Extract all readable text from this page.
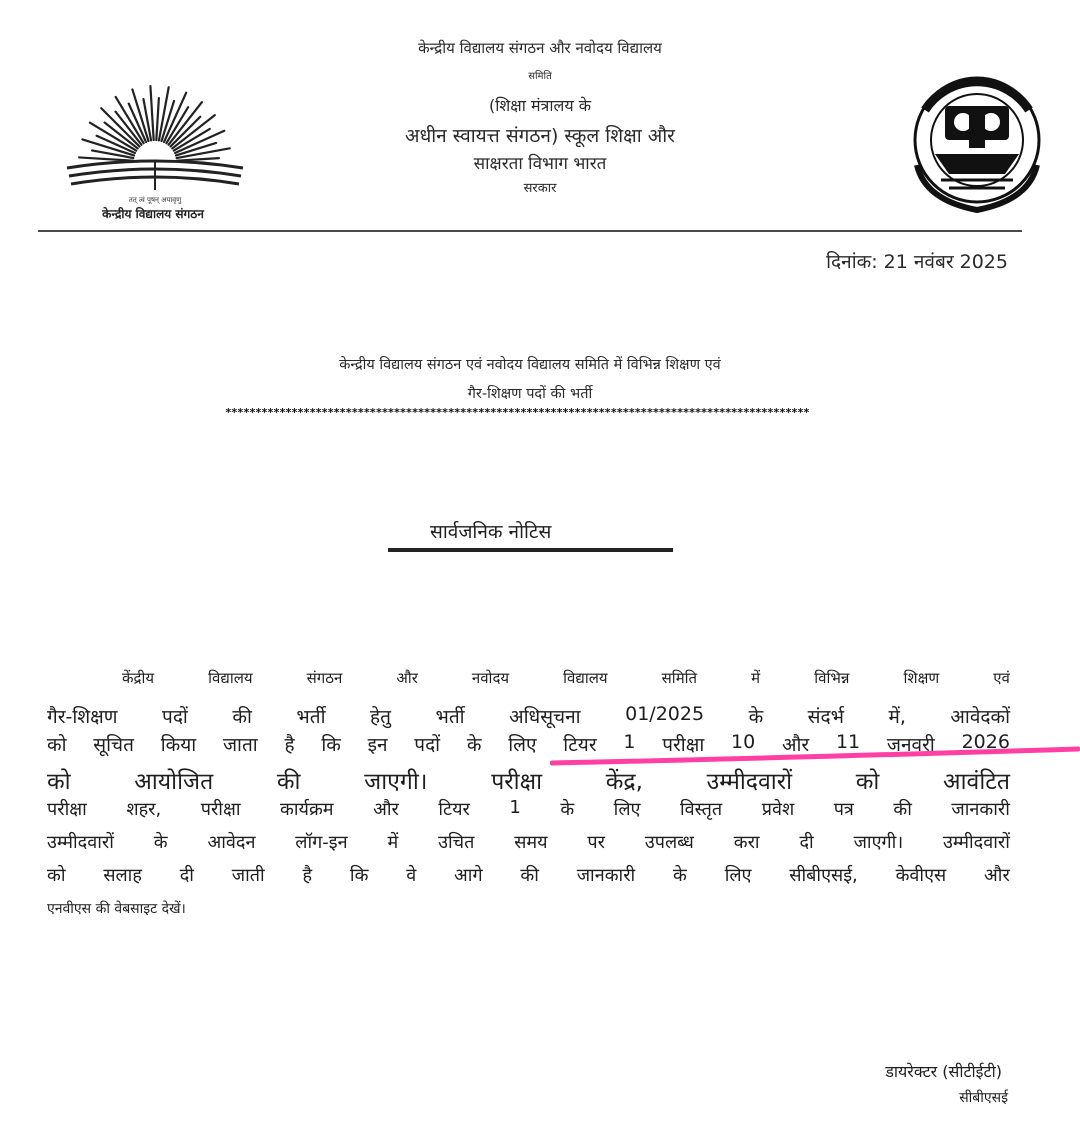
केन्द्रीय विद्यालय संगठन और नवोदय विद्यालय
समिति
(शिक्षा मंत्रालय के
अधीन स्वायत्त संगठन) स्कूल शिक्षा और
साक्षरता विभाग भारत
सरकार
तत् त्वं पूषन् अपावृणु
केन्द्रीय विद्यालय संगठन
दिनांक: 21 नवंबर 2025
केन्द्रीय विद्यालय संगठन एवं नवोदय विद्यालय समिति में विभिन्न शिक्षण एवं
गैर-शिक्षण पदों की भर्ती
*************************************************************************************************
सार्वजनिक नोटिस
केंद्रीय	विद्यालय	संगठन	और	नवोदय	विद्यालय	समिति	में	विभिन्न	शिक्षण	एवं
गैर-शिक्षण पदों की भर्ती हेतु भर्ती अधिसूचना 01/2025 के संदर्भ में, आवेदकों
को सूचित किया जाता है कि इन पदों के लिए टियर 1 परीक्षा 10 और 11 जनवरी 2026
को	आयोजित	की	जाएगी।	परीक्षा	केंद्र,	उम्मीदवारों	को	आवंटित
परीक्षा शहर, परीक्षा कार्यक्रम और टियर 1 के लिए विस्तृत प्रवेश पत्र की जानकारी
उम्मीदवारों के आवेदन लॉग-इन में उचित समय पर उपलब्ध करा दी जाएगी। उम्मीदवारों
को सलाह दी जाती है कि वे आगे की जानकारी के लिए सीबीएसई, केवीएस और
एनवीएस की वेबसाइट देखें।
डायरेक्टर (सीटीईटी)
सीबीएसई
